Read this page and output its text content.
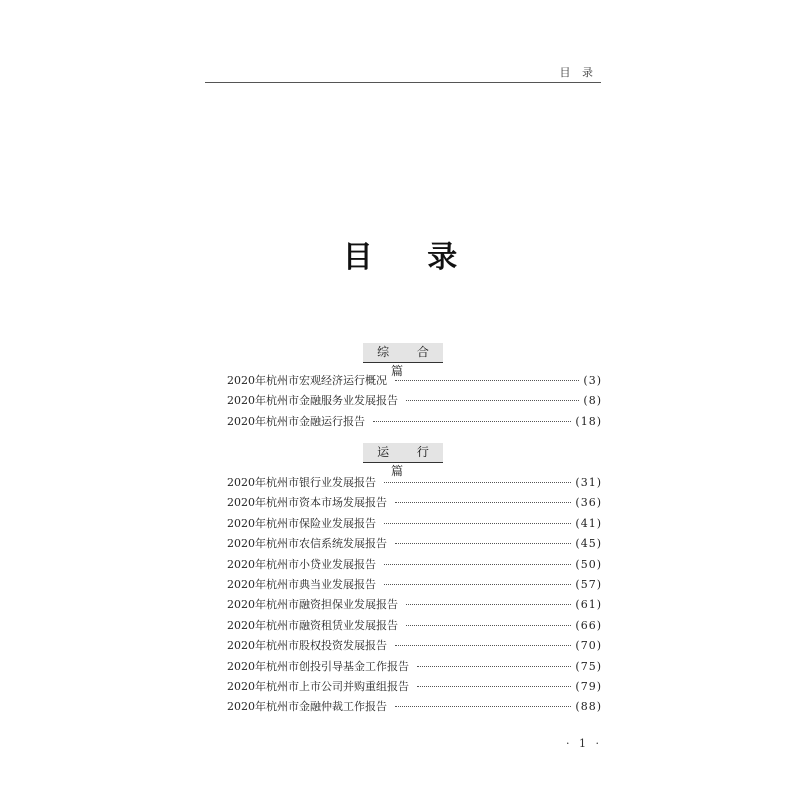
目 录
目 录
综 合 篇
2020年杭州市宏观经济运行概况	(3)
2020年杭州市金融服务业发展报告	(8)
2020年杭州市金融运行报告	(18)
运 行 篇
2020年杭州市银行业发展报告	(31)
2020年杭州市资本市场发展报告	(36)
2020年杭州市保险业发展报告	(41)
2020年杭州市农信系统发展报告	(45)
2020年杭州市小贷业发展报告	(50)
2020年杭州市典当业发展报告	(57)
2020年杭州市融资担保业发展报告	(61)
2020年杭州市融资租赁业发展报告	(66)
2020年杭州市股权投资发展报告	(70)
2020年杭州市创投引导基金工作报告	(75)
2020年杭州市上市公司并购重组报告	(79)
2020年杭州市金融仲裁工作报告	(88)
· 1 ·
